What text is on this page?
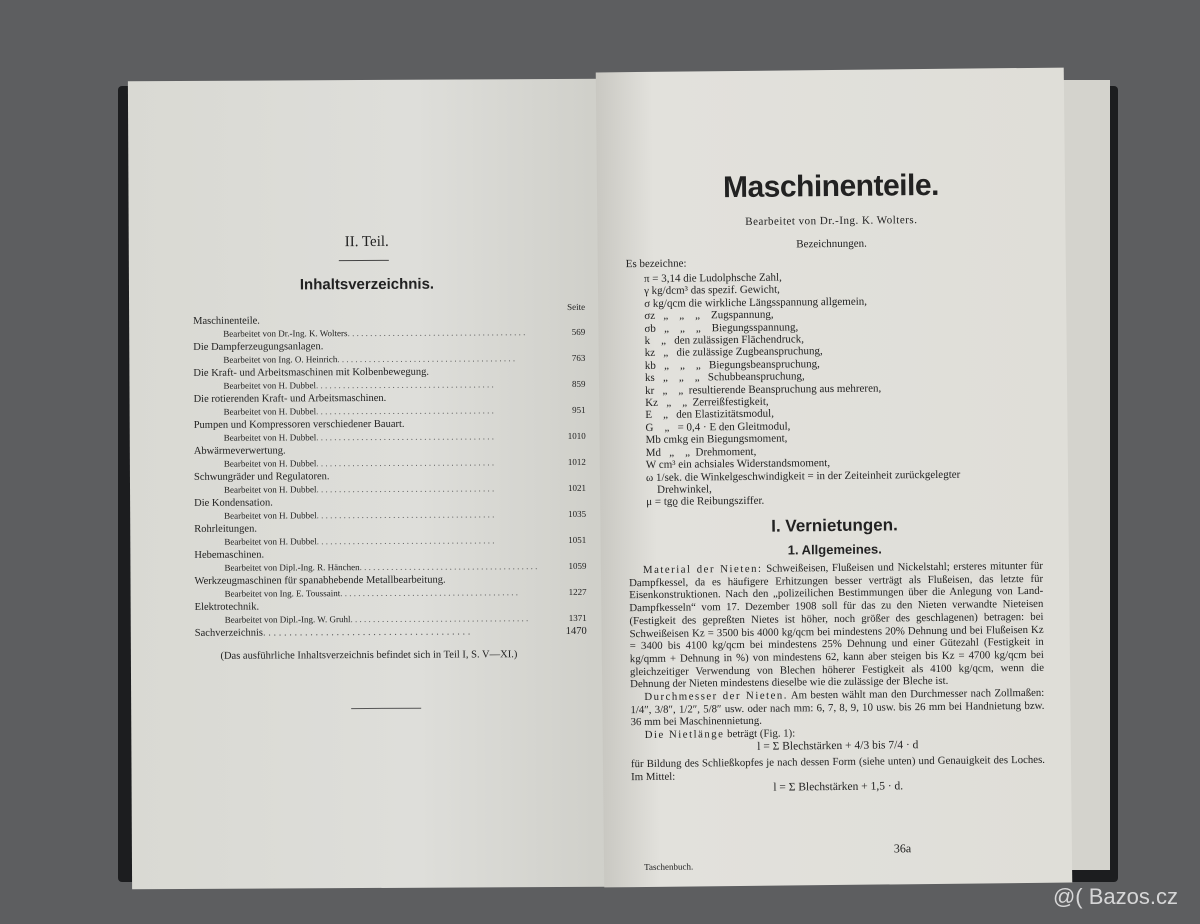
II. Teil.
Inhaltsverzeichnis.
Seite
Maschinenteile.
Bearbeitet von Dr.-Ing. K. Wolters . . .	569
Die Dampferzeugungsanlagen.
Bearbeitet von Ing. O. Heinrich . . .	763
Die Kraft- und Arbeitsmaschinen mit Kolbenbewegung.
Bearbeitet von H. Dubbel . . .	859
Die rotierenden Kraft- und Arbeitsmaschinen.
Bearbeitet von H. Dubbel . . .	951
Pumpen und Kompressoren verschiedener Bauart.
Bearbeitet von H. Dubbel . . .	1010
Abwärmeverwertung.
Bearbeitet von H. Dubbel . . .	1012
Schwungräder und Regulatoren.
Bearbeitet von H. Dubbel . . .	1021
Die Kondensation.
Bearbeitet von H. Dubbel . . .	1035
Rohrleitungen.
Bearbeitet von H. Dubbel . . .	1051
Hebemaschinen.
Bearbeitet von Dipl.-Ing. R. Hänchen . . .	1059
Werkzeugmaschinen für spanabhebende Metallbearbeitung.
Bearbeitet von Ing. E. Toussaint . . .	1227
Elektrotechnik.
Bearbeitet von Dipl.-Ing. W. Gruhl . . .	1371
Sachverzeichnis . . .	1470
(Das ausführliche Inhaltsverzeichnis befindet sich in Teil I, S. V—XI.)
Maschinenteile.
Bearbeitet von Dr.-Ing. K. Wolters.
Bezeichnungen.
Es bezeichne:
π = 3,14 die Ludolphsche Zahl,
γ kg/dcm³ das spezif. Gewicht,
σ kg/qcm die wirkliche Längsspannung allgemein,
σz   „    „    „    Zugspannung,
σb   „    „    „    Biegungsspannung,
k    „   den zulässigen Flächendruck,
kz   „   die zulässige Zugbeanspruchung,
kb   „    „    „   Biegungsbeanspruchung,
ks   „    „    „   Schubbeanspruchung,
kr   „    „  resultierende Beanspruchung aus mehreren,
Kz   „    „  Zerreißfestigkeit,
E    „   den Elastizitätsmodul,
G    „   = 0,4 · E den Gleitmodul,
Mb cmkg ein Biegungsmoment,
Md   „    „  Drehmoment,
W cm³ ein achsiales Widerstandsmoment,
ω 1/sek. die Winkelgeschwindigkeit = in der Zeiteinheit zurückgelegter
Drehwinkel,
μ = tgϱ die Reibungsziffer.
I. Vernietungen.
1. Allgemeines.

Material der Nieten: Schweißeisen, Flußeisen und Nickelstahl; ersteres mitunter für Dampfkessel, da es häufigere Erhitzungen besser verträgt als Flußeisen, das letzte für Eisenkonstruktionen. Nach den „polizeilichen Bestimmungen über die Anlegung von Land-Dampfkesseln“ vom 17. Dezember 1908 soll für das zu den Nieten verwandte Nieteisen (Festigkeit des gepreßten Nietes ist höher, noch größer des geschlagenen) betragen: bei Schweißeisen Kz = 3500 bis 4000 kg/qcm bei mindestens 20% Dehnung und bei Flußeisen Kz = 3400 bis 4100 kg/qcm bei mindestens 25% Dehnung und einer Gütezahl (Festigkeit in kg/qmm + Dehnung in %) von mindestens 62, kann aber steigen bis Kz = 4700 kg/qcm bei gleichzeitiger Verwendung von Blechen höherer Festigkeit als 4100 kg/qcm, wenn die Dehnung der Nieten mindestens dieselbe wie die zulässige der Bleche ist.

Durchmesser der Nieten. Am besten wählt man den Durchmesser nach Zollmaßen: 1/4″, 3/8″, 1/2″, 5/8″ usw. oder nach mm: 6, 7, 8, 9, 10 usw. bis 26 mm bei Handnietung bzw. 36 mm bei Maschinennietung.

Die Nietlänge beträgt (Fig. 1):

l = Σ Blechstärken + 4/3 bis 7/4 · d

für Bildung des Schließkopfes je nach dessen Form (siehe unten) und Genauigkeit des Loches. Im Mittel:

l = Σ Blechstärken + 1,5 · d.
36a
Taschenbuch.
@( Bazos.cz
